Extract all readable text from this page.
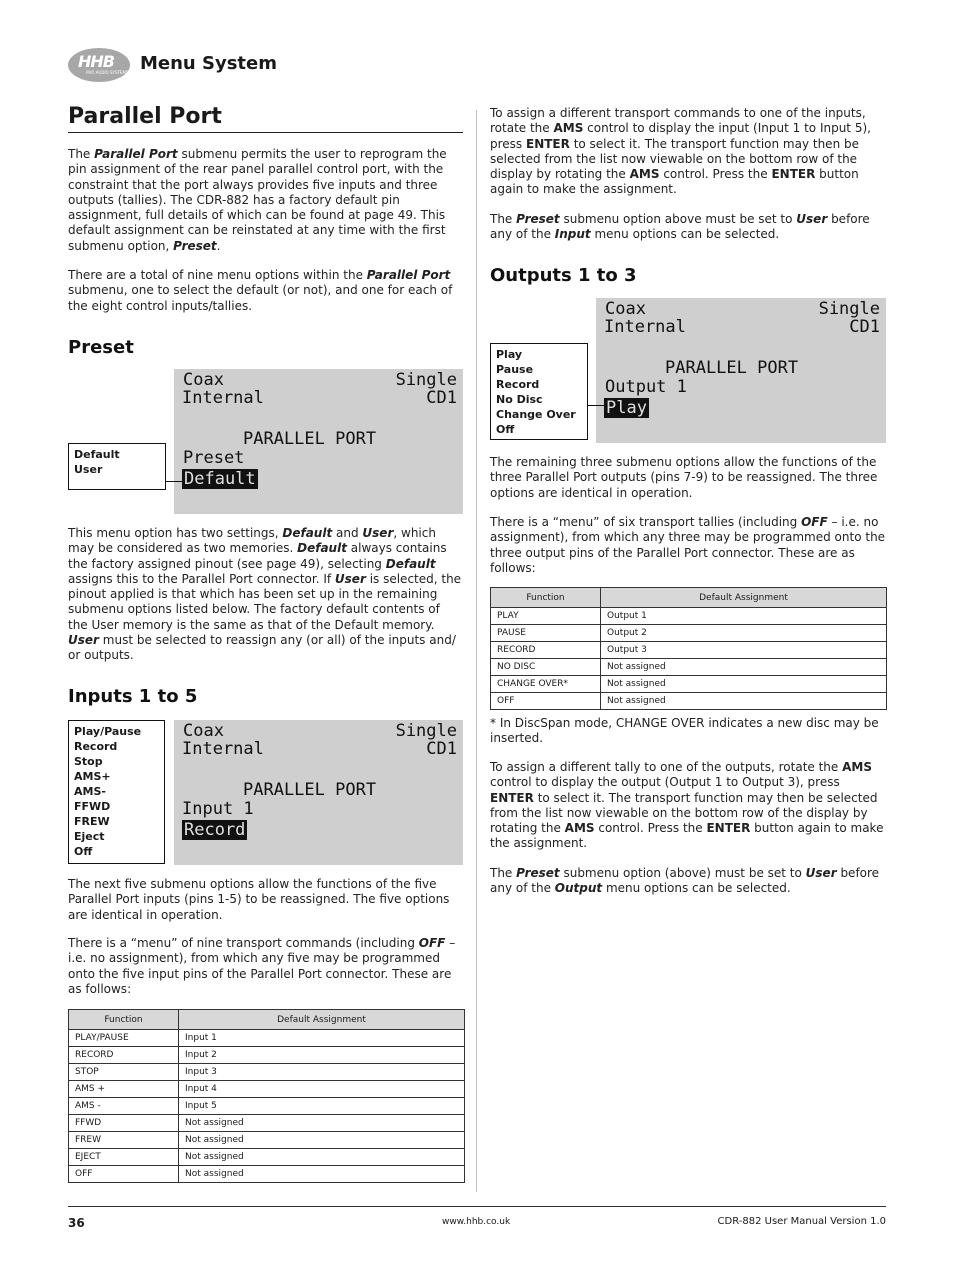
HHB
PRO AUDIO SYSTEMS Menu System
Parallel Port
The Parallel Port submenu permits the user to reprogram the pin assignment of the rear panel parallel control port, with the constraint that the port always provides five inputs and three outputs (tallies). The CDR-882 has a factory default pin assignment, full details of which can be found at page 49. This default assignment can be reinstated at any time with the first submenu option, Preset.
There are a total of nine menu options within the Parallel Port submenu, one to select the default (or not), and one for each of the eight control inputs/tallies.
Preset
Coax	Single
Internal	CD1
PARALLEL PORT
Preset
Default
Default
User
This menu option has two settings, Default and User, which may be considered as two memories. Default always contains the factory assigned pinout (see page 49), selecting Default assigns this to the Parallel Port connector. If User is selected, the pinout applied is that which has been set up in the remaining submenu options listed below. The factory default contents of the User memory is the same as that of the Default memory. User must be selected to reassign any (or all) of the inputs and/ or outputs.
Inputs 1 to 5
Coax	Single
Internal	CD1
PARALLEL PORT
Input 1
Record
Play/Pause
Record
Stop
AMS+
AMS-
FFWD
FREW
Eject
Off
The next five submenu options allow the functions of the five Parallel Port inputs (pins 1-5) to be reassigned. The five options are identical in operation.
There is a “menu” of nine transport commands (including OFF – i.e. no assignment), from which any five may be programmed onto the five input pins of the Parallel Port connector. These are as follows:
Function	Default Assignment
PLAY/PAUSE	Input 1
RECORD	Input 2
STOP	Input 3
AMS +	Input 4
AMS -	Input 5
FFWD	Not assigned
FREW	Not assigned
EJECT	Not assigned
OFF	Not assigned
To assign a different transport commands to one of the inputs, rotate the AMS control to display the input (Input 1 to Input 5), press ENTER to select it. The transport function may then be selected from the list now viewable on the bottom row of the display by rotating the AMS control. Press the ENTER button again to make the assignment.
The Preset submenu option above must be set to User before any of the Input menu options can be selected.
Outputs 1 to 3
Coax	Single
Internal	CD1
PARALLEL PORT
Output 1
Play
Play
Pause
Record
No Disc
Change Over
Off
The remaining three submenu options allow the functions of the three Parallel Port outputs (pins 7-9) to be reassigned. The three options are identical in operation.
There is a “menu” of six transport tallies (including OFF – i.e. no assignment), from which any three may be programmed onto the three output pins of the Parallel Port connector. These are as follows:
Function	Default Assignment
PLAY	Output 1
PAUSE	Output 2
RECORD	Output 3
NO DISC	Not assigned
CHANGE OVER*	Not assigned
OFF	Not assigned
* In DiscSpan mode, CHANGE OVER indicates a new disc may be inserted.
To assign a different tally to one of the outputs, rotate the AMS control to display the output (Output 1 to Output 3), press ENTER to select it. The transport function may then be selected from the list now viewable on the bottom row of the display by rotating the AMS control. Press the ENTER button again to make the assignment.
The Preset submenu option (above) must be set to User before any of the Output menu options can be selected.
36	www.hhb.co.uk	CDR-882 User Manual Version 1.0
